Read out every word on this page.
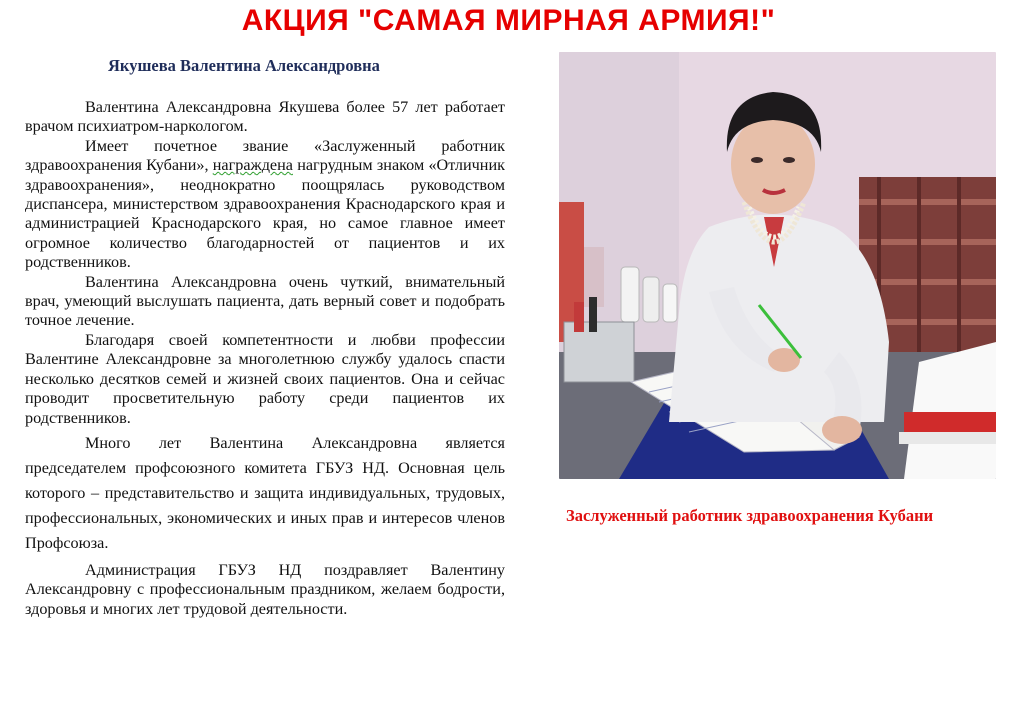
АКЦИЯ "САМАЯ МИРНАЯ АРМИЯ!"
Якушева Валентина Александровна

Валентина Александровна Якушева более 57 лет работает врачом психиатром-наркологом.

Имеет почетное звание «Заслуженный работник здравоохранения Кубани», награждена нагрудным знаком «Отличник здравоохранения», неоднократно поощрялась руководством диспансера, министерством здравоохранения Краснодарского края и администрацией Краснодарского края, но самое главное имеет огромное количество благодарностей от пациентов и их родственников.

Валентина Александровна очень чуткий, внимательный врач, умеющий выслушать пациента, дать верный совет и подобрать точное лечение.

Благодаря своей компетентности и любви профессии Валентине Александровне за многолетнюю службу удалось спасти несколько десятков семей и жизней своих пациентов. Она и сейчас проводит просветительную работу среди пациентов их родственников.

Много лет Валентина Александровна является председателем профсоюзного комитета ГБУЗ НД. Основная цель которого – представительство и защита индивидуальных, трудовых, профессиональных, экономических и иных прав и интересов членов Профсоюза.

Администрация ГБУЗ НД поздравляет Валентину Александровну с профессиональным праздником, желаем бодрости, здоровья и многих лет трудовой деятельности.

Заслуженный работник здравоохранения Кубани
